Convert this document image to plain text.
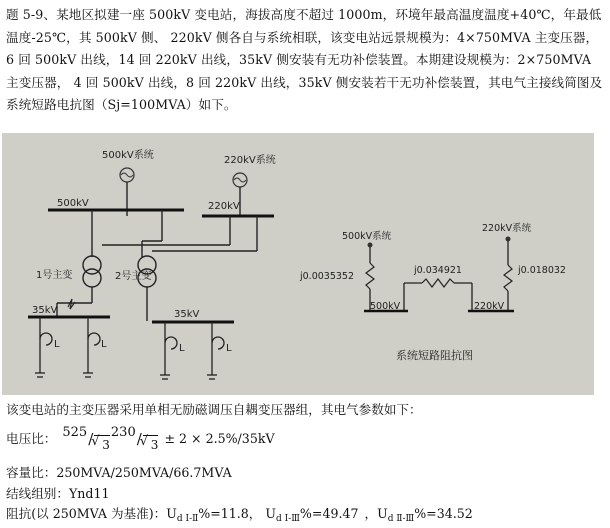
题 5-9、某地区拟建一座 500kV 变电站，海拔高度不超过 1000m，环境年最高温度温度+40℃，年最低温度-25℃，其 500kV 侧、 220kV 侧各自与系统相联，该变电站远景规模为：4×750MVA 主变压器，6 回 500kV 出线，14 回 220kV 出线，35kV 侧安装有无功补偿装置。本期建设规模为：2×750MVA 主变压器， 4 回 500kV 出线，8 回 220kV 出线，35kV 侧安装若干无功补偿装置，其电气主接线简图及系统短路电抗图（Sj=100MVA）如下。
500kV系统	220kV系统
500kV	220kV
1号主变	2号主变
35kV	35kV
L	L	L	L
500kV系统
j0.0035352
220kV系统
j0.018032
j0.034921
500kV	220kV
系统短路阻抗图
该变电站的主变压器采用单相无励磁调压自耦变压器组，其电气参数如下：
电压比： 525 / √ 3
230 / √ 3 ± 2 × 2.5%/35kV
容量比：250MVA/250MVA/66.7MVA
结线组别：Ynd11
阻抗(以 250MVA 为基准)：$U_{d Ⅰ-Ⅱ}\%=11.8$， $U_{d Ⅰ-Ⅲ}\%=49.47$ ，$U_{d Ⅱ-Ⅲ}\%=34.52$
